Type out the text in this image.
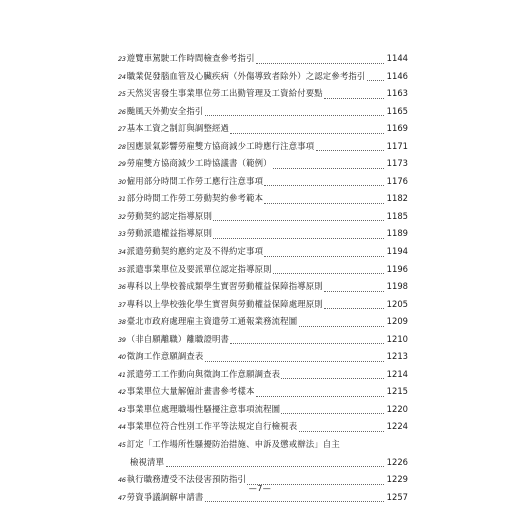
23遊覽車駕駛工作時間檢查參考指引	1144
24職業促發腦血管及心臟疾病（外傷導致者除外）之認定參考指引	1146
25天然災害發生事業單位勞工出勤管理及工資給付要點	1163
26颱風天外勤安全指引	1165
27基本工資之制訂與調整經過	1169
28因應景氣影響勞雇雙方協商減少工時應行注意事項	1171
29勞雇雙方協商減少工時協議書（範例）	1173
30僱用部分時間工作勞工應行注意事項	1176
31部分時間工作勞工勞動契約參考範本	1182
32勞動契約認定指導原則	1185
33勞動派遣權益指導原則	1189
34派遣勞動契約應約定及不得約定事項	1194
35派遣事業單位及要派單位認定指導原則	1196
36專科以上學校養成類學生實習勞動權益保障指導原則	1198
37專科以上學校強化學生實習與勞動權益保障處理原則	1205
38臺北市政府處理雇主資遣勞工通報業務流程圖	1209
39（非自願離職）離職證明書	1210
40徵詢工作意願調查表	1213
41派遣勞工工作動向與徵詢工作意願調查表	1214
42事業單位大量解僱計畫書參考樣本	1215
43事業單位處理職場性騷擾注意事項流程圖	1220
44事業單位符合性別工作平等法規定自行檢視表	1224
45訂定「工作場所性騷擾防治措施、申訴及懲戒辦法」自主
檢視清單	1226
46執行職務遭受不法侵害預防指引	1229
47勞資爭議調解申請書	1257
—7—
